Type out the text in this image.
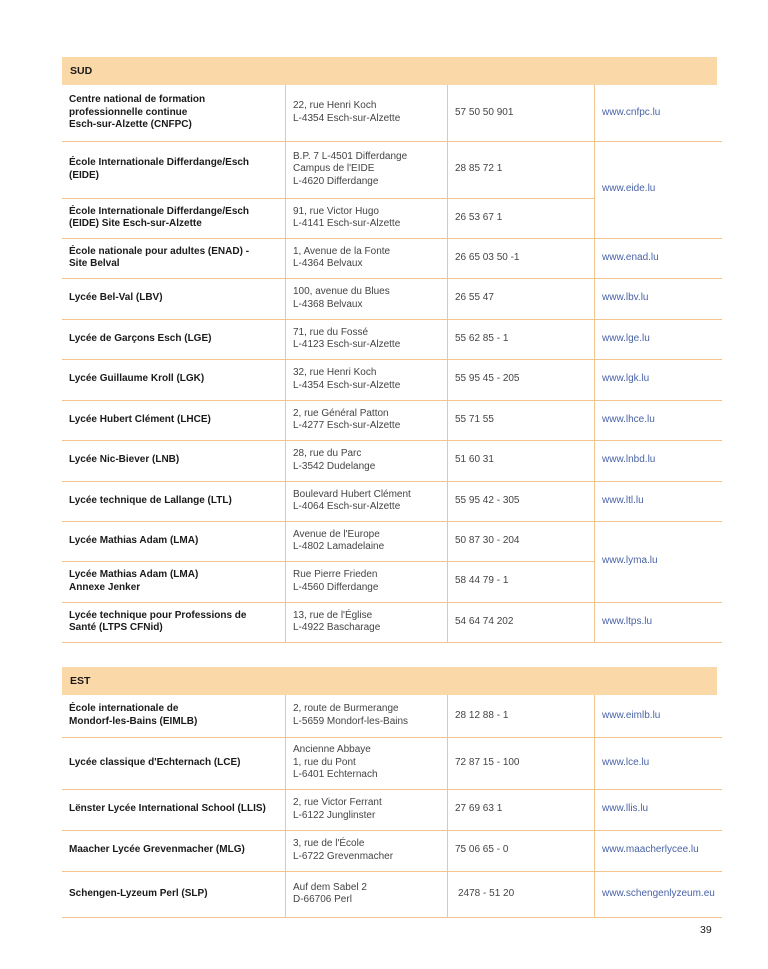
SUD
Centre national de formation
professionnelle continue
Esch-sur-Alzette (CNFPC)	22, rue Henri Koch
L-4354 Esch-sur-Alzette	57 50 50 901	www.cnfpc.lu

École Internationale Differdange/Esch
(EIDE)	B.P. 7 L-4501 Differdange
Campus de l'EIDE
L-4620 Differdange	28 85 72 1	www.eide.lu

École Internationale Differdange/Esch
(EIDE) Site Esch-sur-Alzette	91, rue Victor Hugo
L-4141 Esch-sur-Alzette	26 53 67 1	

École nationale pour adultes (ENAD) -
Site Belval	1, Avenue de la Fonte
L-4364 Belvaux	26 65 03 50 -1	www.enad.lu

Lycée Bel-Val (LBV)	100, avenue du Blues
L-4368 Belvaux	26 55 47	www.lbv.lu

Lycée de Garçons Esch (LGE)	71, rue du Fossé
L-4123 Esch-sur-Alzette	55 62 85 - 1	www.lge.lu

Lycée Guillaume Kroll (LGK)	32, rue Henri Koch
L-4354 Esch-sur-Alzette	55 95 45 - 205	www.lgk.lu

Lycée Hubert Clément (LHCE)	2, rue Général Patton
L-4277 Esch-sur-Alzette	55 71 55	www.lhce.lu

Lycée Nic-Biever (LNB)	28, rue du Parc
L-3542 Dudelange	51 60 31	www.lnbd.lu

Lycée technique de Lallange (LTL)	Boulevard Hubert Clément
L-4064 Esch-sur-Alzette	55 95 42 - 305	www.ltl.lu

Lycée Mathias Adam (LMA)	Avenue de l'Europe
L-4802 Lamadelaine	50 87 30 - 204	www.lyma.lu

Lycée Mathias Adam (LMA)
Annexe Jenker	Rue Pierre Frieden
L-4560 Differdange	58 44 79 - 1	

Lycée technique pour Professions de
Santé (LTPS CFNid)	13, rue de l'Église
L-4922 Bascharage	54 64 74 202	www.ltps.lu
EST
École internationale de
Mondorf-les-Bains (EIMLB)	2, route de Burmerange
L-5659 Mondorf-les-Bains	28 12 88 - 1	www.eimlb.lu

Lycée classique d'Echternach (LCE)	Ancienne Abbaye
1, rue du Pont
L-6401 Echternach	72 87 15 - 100	www.lce.lu

Lënster Lycée International School (LLIS)	2, rue Victor Ferrant
L-6122 Junglinster	27 69 63 1	www.llis.lu

Maacher Lycée Grevenmacher (MLG)	3, rue de l'École
L-6722 Grevenmacher	75 06 65 - 0	www.maacherlycee.lu

Schengen-Lyzeum Perl (SLP)	Auf dem Sabel 2
D-66706 Perl	2478 - 51 20	www.schengenlyzeum.eu
39
